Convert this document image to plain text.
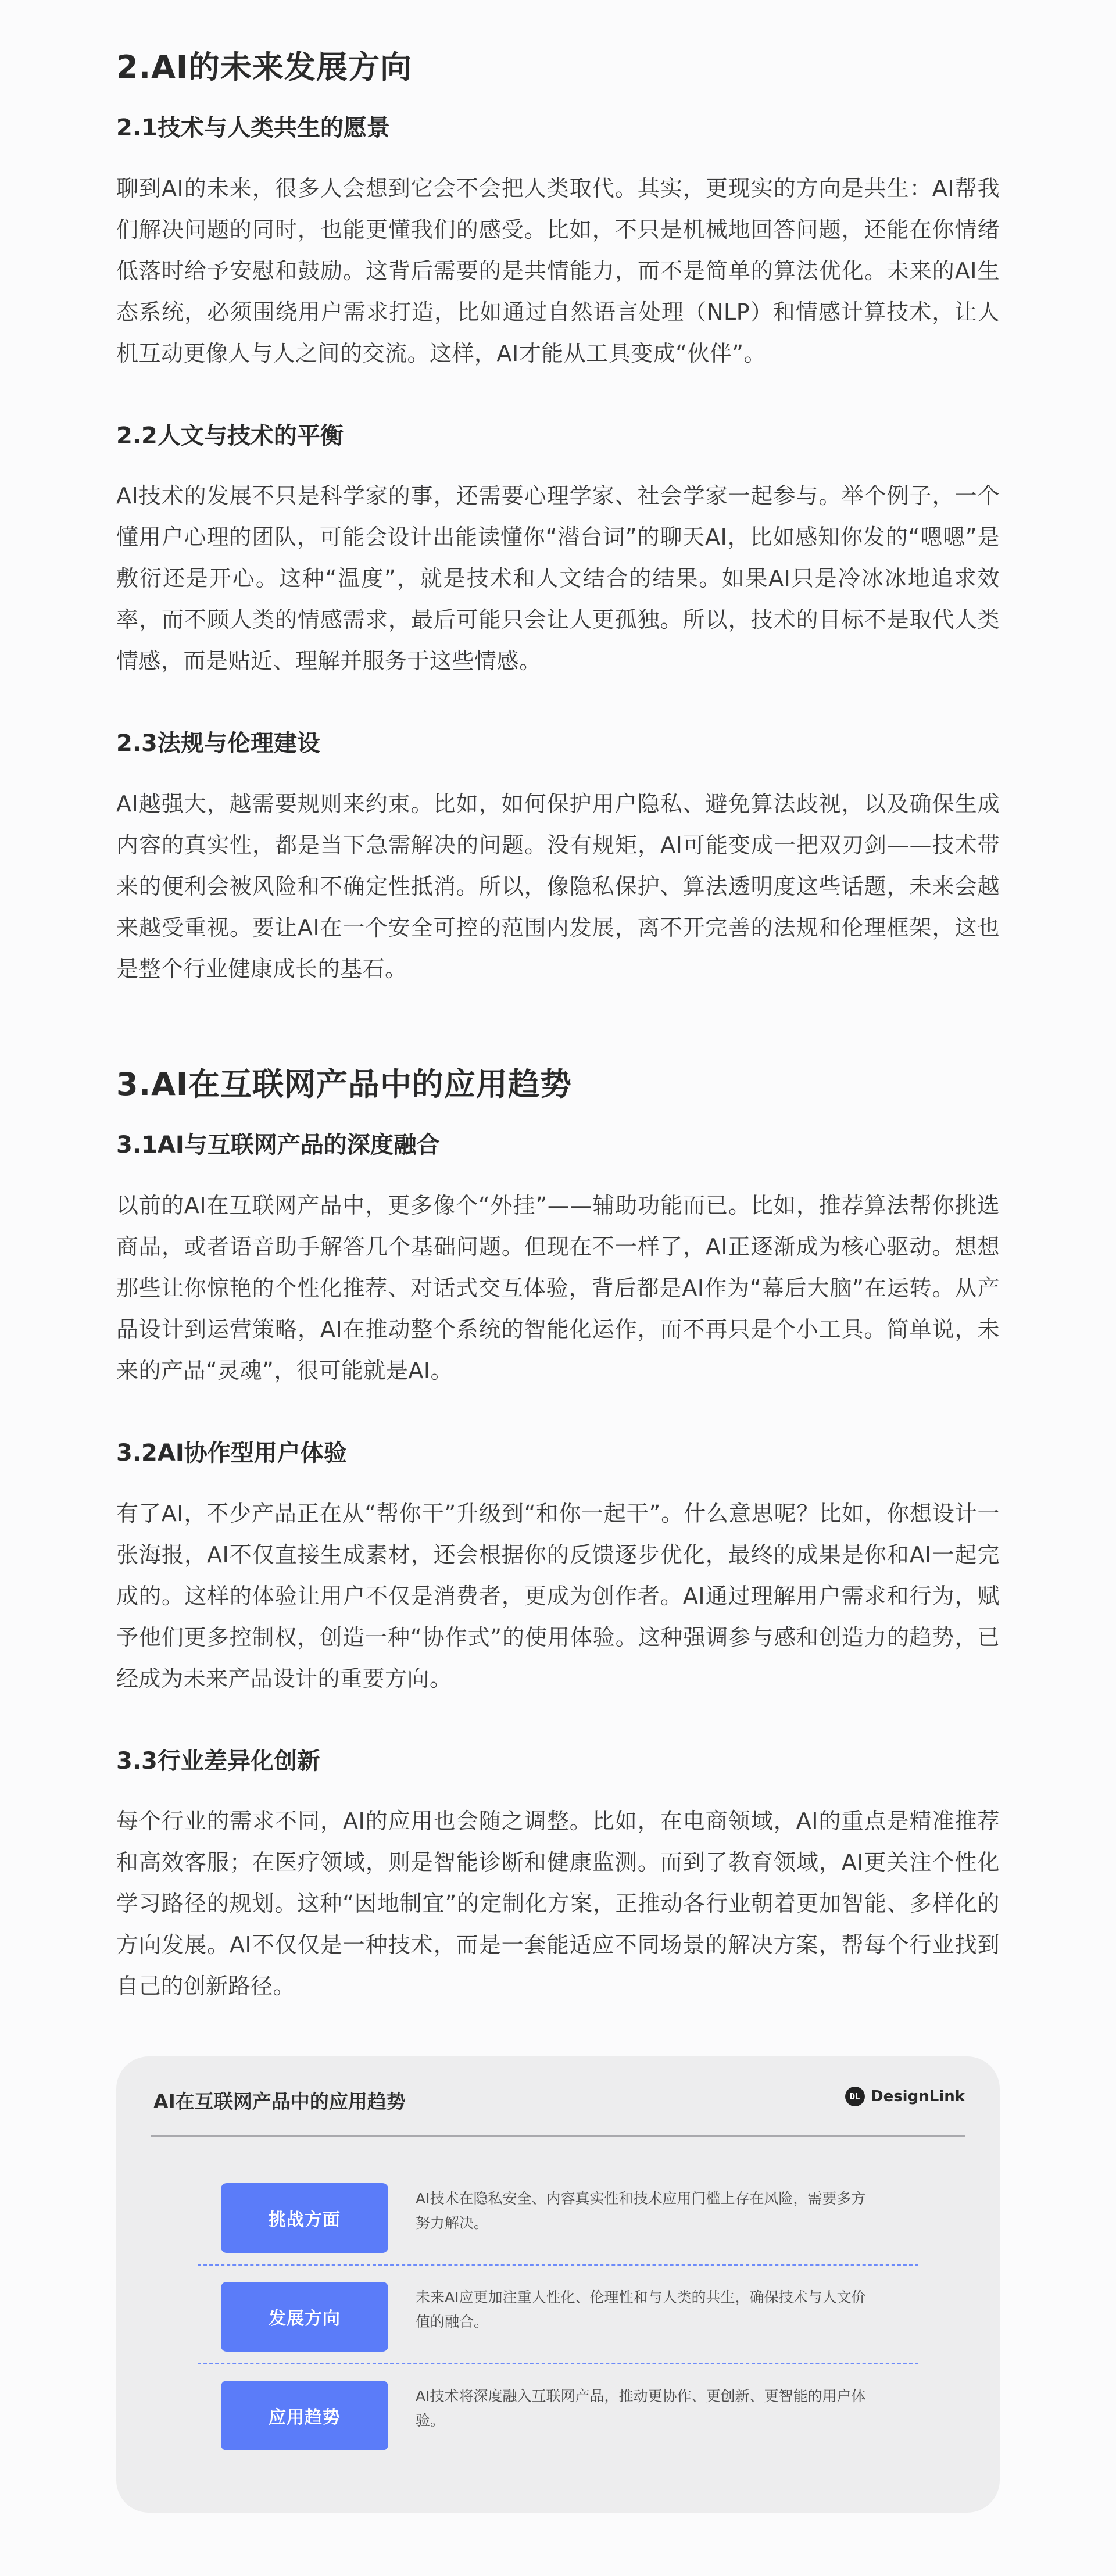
2.AI的未来发展方向
2.1技术与人类共生的愿景

聊到AI的未来，很多人会想到它会不会把人类取代。其实，更现实的方向是共生：AI帮我们解决问题的同时，也能更懂我们的感受。比如，不只是机械地回答问题，还能在你情绪低落时给予安慰和鼓励。这背后需要的是共情能力，而不是简单的算法优化。未来的AI生态系统，必须围绕用户需求打造，比如通过自然语言处理（NLP）和情感计算技术，让人机互动更像人与人之间的交流。这样，AI才能从工具变成“伙伴”。

2.2人文与技术的平衡

AI技术的发展不只是科学家的事，还需要心理学家、社会学家一起参与。举个例子，一个懂用户心理的团队，可能会设计出能读懂你“潜台词”的聊天AI，比如感知你发的“嗯嗯”是敷衍还是开心。这种“温度”，就是技术和人文结合的结果。如果AI只是冷冰冰地追求效率，而不顾人类的情感需求，最后可能只会让人更孤独。所以，技术的目标不是取代人类情感，而是贴近、理解并服务于这些情感。

2.3法规与伦理建设

AI越强大，越需要规则来约束。比如，如何保护用户隐私、避免算法歧视，以及确保生成内容的真实性，都是当下急需解决的问题。没有规矩，AI可能变成一把双刃剑——技术带来的便利会被风险和不确定性抵消。所以，像隐私保护、算法透明度这些话题，未来会越来越受重视。要让AI在一个安全可控的范围内发展，离不开完善的法规和伦理框架，这也是整个行业健康成长的基石。

3.AI在互联网产品中的应用趋势
3.1AI与互联网产品的深度融合

以前的AI在互联网产品中，更多像个“外挂”——辅助功能而已。比如，推荐算法帮你挑选商品，或者语音助手解答几个基础问题。但现在不一样了，AI正逐渐成为核心驱动。想想那些让你惊艳的个性化推荐、对话式交互体验，背后都是AI作为“幕后大脑”在运转。从产品设计到运营策略，AI在推动整个系统的智能化运作，而不再只是个小工具。简单说，未来的产品“灵魂”，很可能就是AI。

3.2AI协作型用户体验

有了AI，不少产品正在从“帮你干”升级到“和你一起干”。什么意思呢？比如，你想设计一张海报，AI不仅直接生成素材，还会根据你的反馈逐步优化，最终的成果是你和AI一起完成的。这样的体验让用户不仅是消费者，更成为创作者。AI通过理解用户需求和行为，赋予他们更多控制权，创造一种“协作式”的使用体验。这种强调参与感和创造力的趋势，已经成为未来产品设计的重要方向。

3.3行业差异化创新

每个行业的需求不同，AI的应用也会随之调整。比如，在电商领域，AI的重点是精准推荐和高效客服；在医疗领域，则是智能诊断和健康监测。而到了教育领域，AI更关注个性化学习路径的规划。这种“因地制宜”的定制化方案，正推动各行业朝着更加智能、多样化的方向发展。AI不仅仅是一种技术，而是一套能适应不同场景的解决方案，帮每个行业找到自己的创新路径。

AI在互联网产品中的应用趋势	DL DesignLink
挑战方面

AI技术在隐私安全、内容真实性和技术应用门槛上存在风险，需要多方努力解决。

发展方向

未来AI应更加注重人性化、伦理性和与人类的共生，确保技术与人文价值的融合。

应用趋势

AI技术将深度融入互联网产品，推动更协作、更创新、更智能的用户体验。
